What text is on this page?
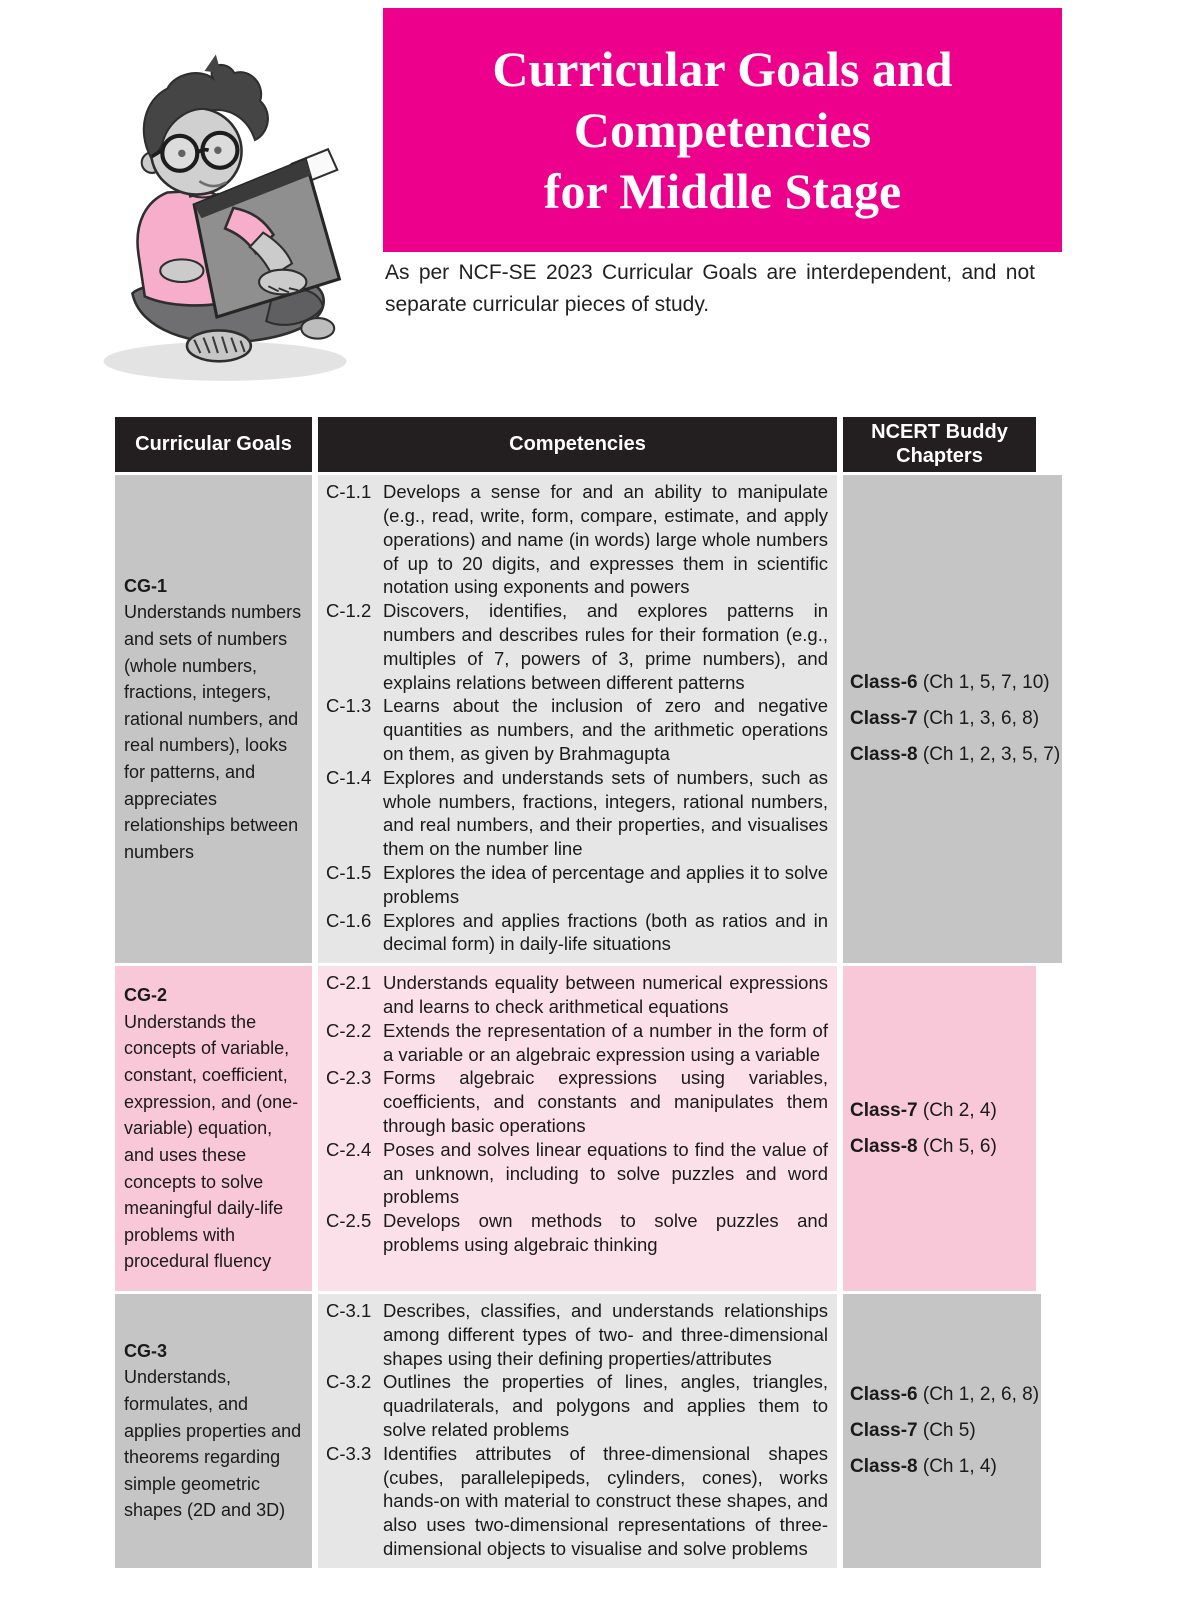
Curricular Goals and
Competencies
for Middle Stage

As per NCF-SE 2023 Curricular Goals are interdependent, and not separate curricular pieces of study.

Curricular Goals	Competencies
NCERT Buddy Chapters
CG-1
Understands numbers and sets of numbers (whole numbers, fractions, integers, rational numbers, and real numbers), looks for patterns, and appreciates relationships between numbers
C-1.1 Develops a sense for and an ability to manipulate (e.g., read, write, form, compare, estimate, and apply operations) and name (in words) large whole numbers of up to 20 digits, and expresses them in scientific notation using exponents and powers
C-1.2 Discovers, identifies, and explores patterns in numbers and describes rules for their formation (e.g., multiples of 7, powers of 3, prime numbers), and explains relations between different patterns
C-1.3 Learns about the inclusion of zero and negative quantities as numbers, and the arithmetic operations on them, as given by Brahmagupta
C-1.4 Explores and understands sets of numbers, such as whole numbers, fractions, integers, rational numbers, and real numbers, and their properties, and visualises them on the number line
C-1.5 Explores the idea of percentage and applies it to solve problems
C-1.6 Explores and applies fractions (both as ratios and in decimal form) in daily-life situations
Class-6 (Ch 1, 5, 7, 10)
Class-7 (Ch 1, 3, 6, 8)
Class-8 (Ch 1, 2, 3, 5, 7)
CG-2
Understands the concepts of variable, constant, coefficient, expression, and (one-variable) equation, and uses these concepts to solve meaningful daily-life problems with procedural fluency
C-2.1 Understands equality between numerical expressions and learns to check arithmetical equations
C-2.2 Extends the representation of a number in the form of a variable or an algebraic expression using a variable
C-2.3 Forms algebraic expressions using variables, coefficients, and constants and manipulates them through basic operations
C-2.4 Poses and solves linear equations to find the value of an unknown, including to solve puzzles and word problems
C-2.5 Develops own methods to solve puzzles and problems using algebraic thinking
Class-7 (Ch 2, 4)
Class-8 (Ch 5, 6)
CG-3
Understands, formulates, and applies properties and theorems regarding simple geometric shapes (2D and 3D)
C-3.1 Describes, classifies, and understands relationships among different types of two- and three-dimensional shapes using their defining properties/attributes
C-3.2 Outlines the properties of lines, angles, triangles, quadrilaterals, and polygons and applies them to solve related problems
C-3.3 Identifies attributes of three-dimensional shapes (cubes, parallelepipeds, cylinders, cones), works hands-on with material to construct these shapes, and also uses two-dimensional representations of three-dimensional objects to visualise and solve problems
Class-6 (Ch 1, 2, 6, 8)
Class-7 (Ch 5)
Class-8 (Ch 1, 4)
